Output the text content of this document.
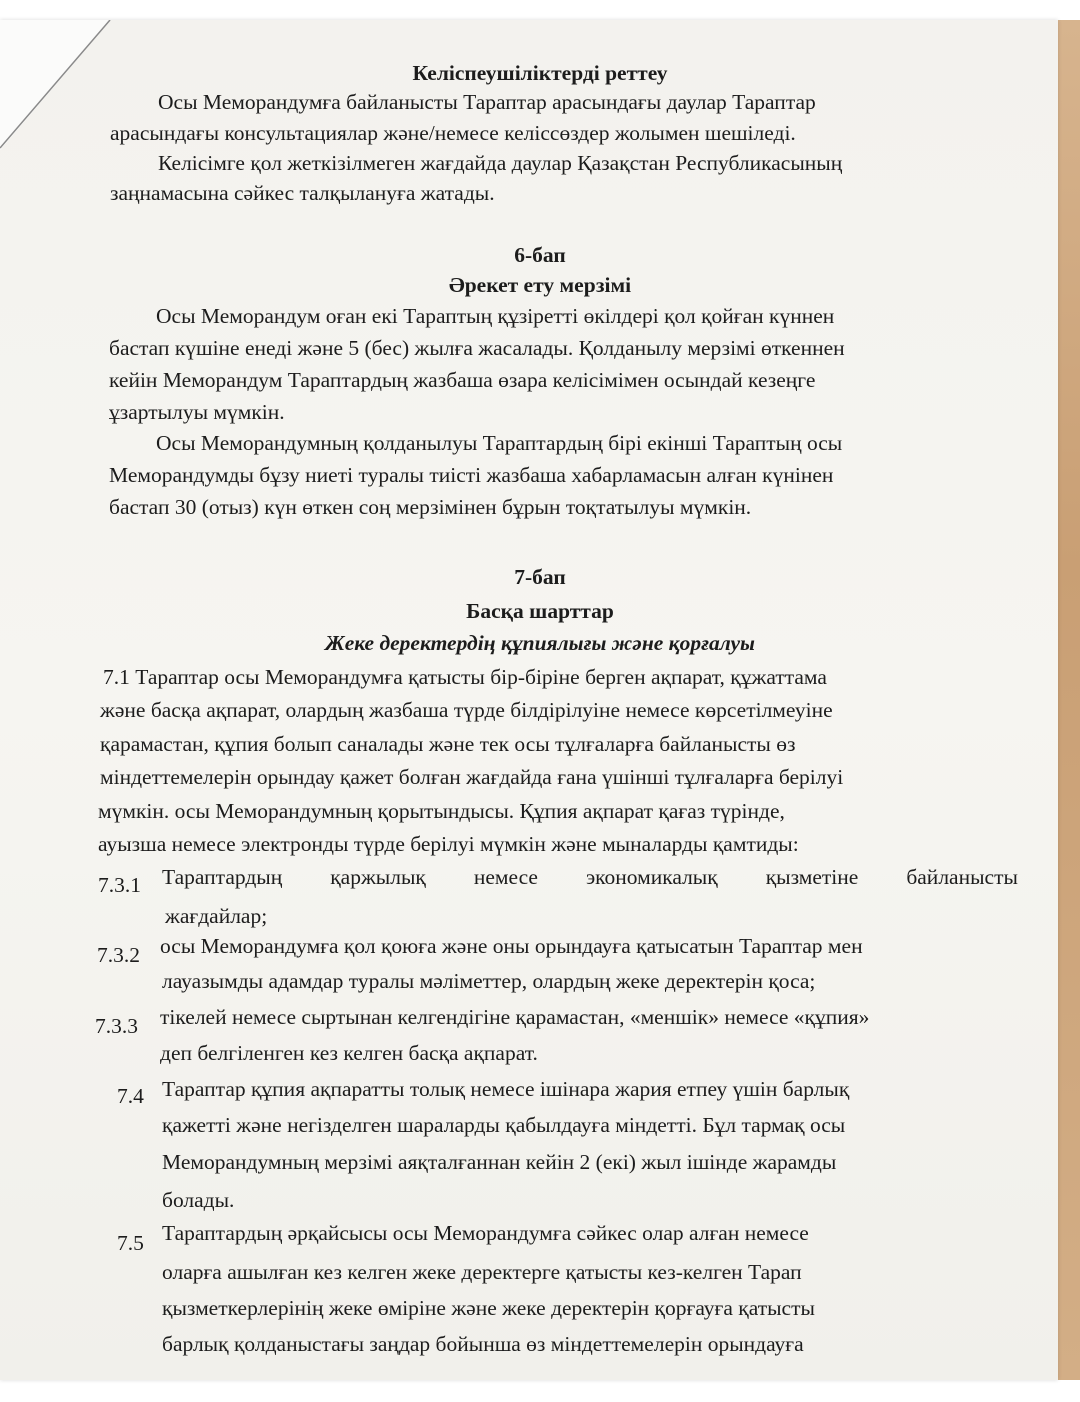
Келіспеушіліктерді реттеу
Осы Меморандумға байланысты Тараптар арасындағы даулар Тараптар
арасындағы консультациялар және/немесе келіссөздер жолымен шешіледі.
Келісімге қол жеткізілмеген жағдайда даулар Қазақстан Республикасының
заңнамасына сәйкес талқылануға жатады.
6-бап
Әрекет ету мерзімі
Осы Меморандум оған екі Тараптың құзіретті өкілдері қол қойған күннен
бастап күшіне енеді және 5 (бес) жылға жасалады. Қолданылу мерзімі өткеннен
кейін Меморандум Тараптардың жазбаша өзара келісімімен осындай кезеңге
ұзартылуы мүмкін.
Осы Меморандумның қолданылуы Тараптардың бірі екінші Тараптың осы
Меморандумды бұзу ниеті туралы тиісті жазбаша хабарламасын алған күнінен
бастап 30 (отыз) күн өткен соң мерзімінен бұрын тоқтатылуы мүмкін.
7-бап
Басқа шарттар
Жеке деректердің құпиялығы және қорғалуы
7.1 Тараптар осы Меморандумға қатысты бір-біріне берген ақпарат, құжаттама
және басқа ақпарат, олардың жазбаша түрде білдірілуіне немесе көрсетілмеуіне
қарамастан, құпия болып саналады және тек осы тұлғаларға байланысты өз
міндеттемелерін орындау қажет болған жағдайда ғана үшінші тұлғаларға берілуі
мүмкін. осы Меморандумның қорытындысы. Құпия ақпарат қағаз түрінде,
ауызша немесе электронды түрде берілуі мүмкін және мыналарды қамтиды:
7.3.1 Тараптардың қаржылық немесе экономикалық қызметіне байланысты
жағдайлар;
7.3.2 осы Меморандумға қол қоюға және оны орындауға қатысатын Тараптар мен
лауазымды адамдар туралы мәліметтер, олардың жеке деректерін қоса;
7.3.3 тікелей немесе сыртынан келгендігіне қарамастан, «меншік» немесе «құпия»
деп белгіленген кез келген басқа ақпарат.
7.4 Тараптар құпия ақпаратты толық немесе ішінара жария етпеу үшін барлық
қажетті және негізделген шараларды қабылдауға міндетті. Бұл тармақ осы
Меморандумның мерзімі аяқталғаннан кейін 2 (екі) жыл ішінде жарамды
болады.
7.5 Тараптардың әрқайсысы осы Меморандумға сәйкес олар алған немесе
оларға ашылған кез келген жеке деректерге қатысты кез-келген Тарап
қызметкерлерінің жеке өміріне және жеке деректерін қорғауға қатысты
барлық қолданыстағы заңдар бойынша өз міндеттемелерін орындауға
